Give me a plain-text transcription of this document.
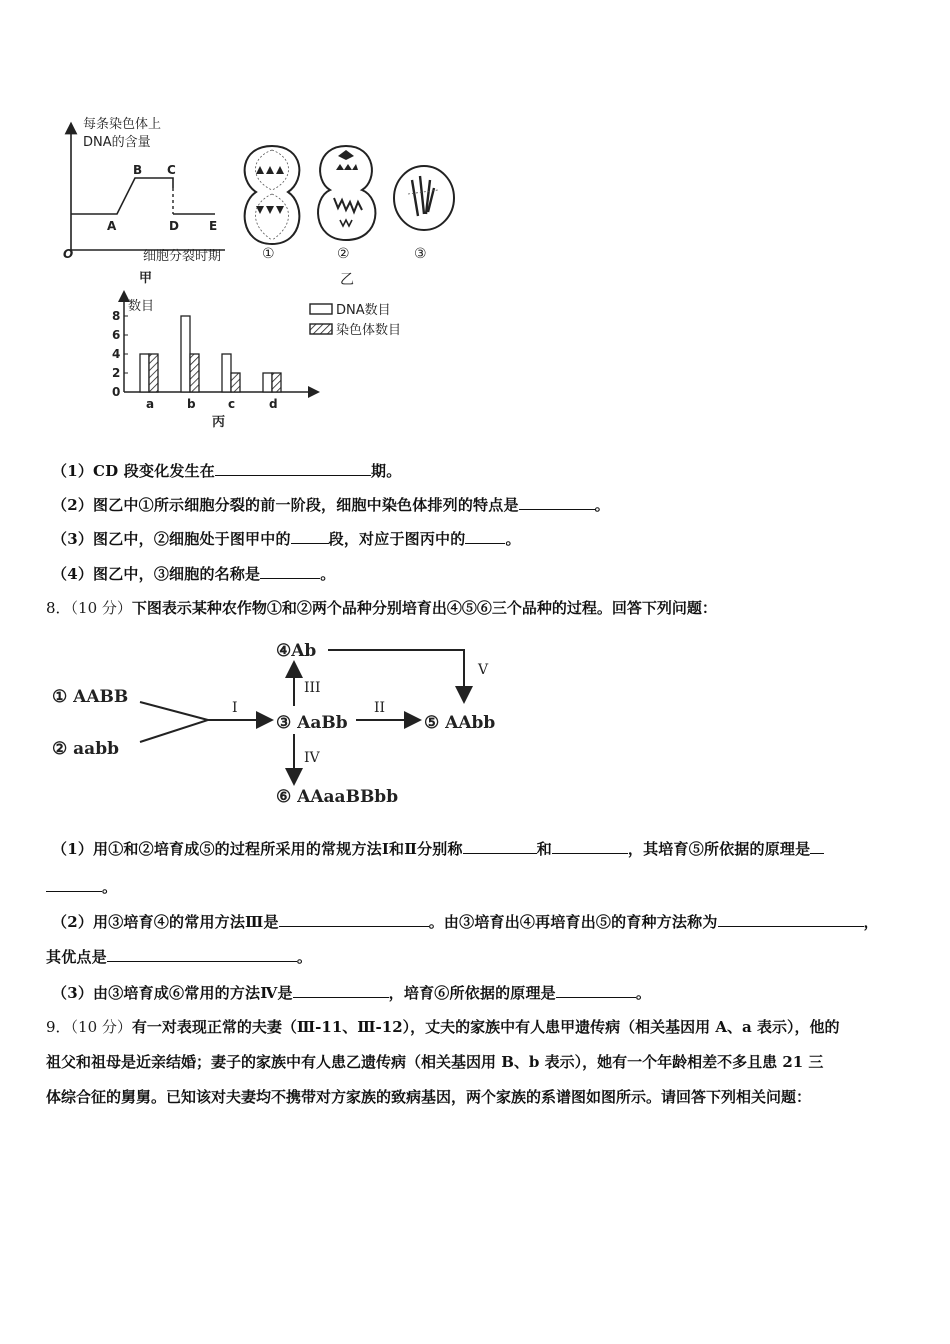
每条染色体上
DNA的含量
B C
A	D	E
O	细胞分裂时期
甲
①	②	③
乙
数目
0
2
4
6
8
a	b	c	d
DNA数目
染色体数目
丙
（1）CD 段变化发生在	期。
（2）图乙中①所示细胞分裂的前一阶段，细胞中染色体排列的特点是	。
（3）图乙中，②细胞处于图甲中的	段，对应于图丙中的	。
（4）图乙中，③细胞的名称是	。
8．（10 分）下图表示某种农作物①和②两个品种分别培育出④⑤⑥三个品种的过程。回答下列问题：
① AABB
② aabb
④Ab
③ AaBb	⑤ AAbb
⑥ AAaaBBbb
I
III
IV
II
V
（1）用①和②培育成⑤的过程所采用的常规方法Ⅰ和Ⅱ分别称	和	，其培育⑤所依据的原理是
。
（2）用③培育④的常用方法Ⅲ是	。由③培育出④再培育出⑤的育种方法称为	，
其优点是	。
（3）由③培育成⑥常用的方法Ⅳ是	，培育⑥所依据的原理是	。
9．（10 分）有一对表现正常的夫妻（Ⅲ-11、Ⅲ-12），丈夫的家族中有人患甲遗传病（相关基因用 A、a 表示），他的
祖父和祖母是近亲结婚；妻子的家族中有人患乙遗传病（相关基因用 B、b 表示），她有一个年龄相差不多且患 21 三
体综合征的舅舅。已知该对夫妻均不携带对方家族的致病基因，两个家族的系谱图如图所示。请回答下列相关问题：
